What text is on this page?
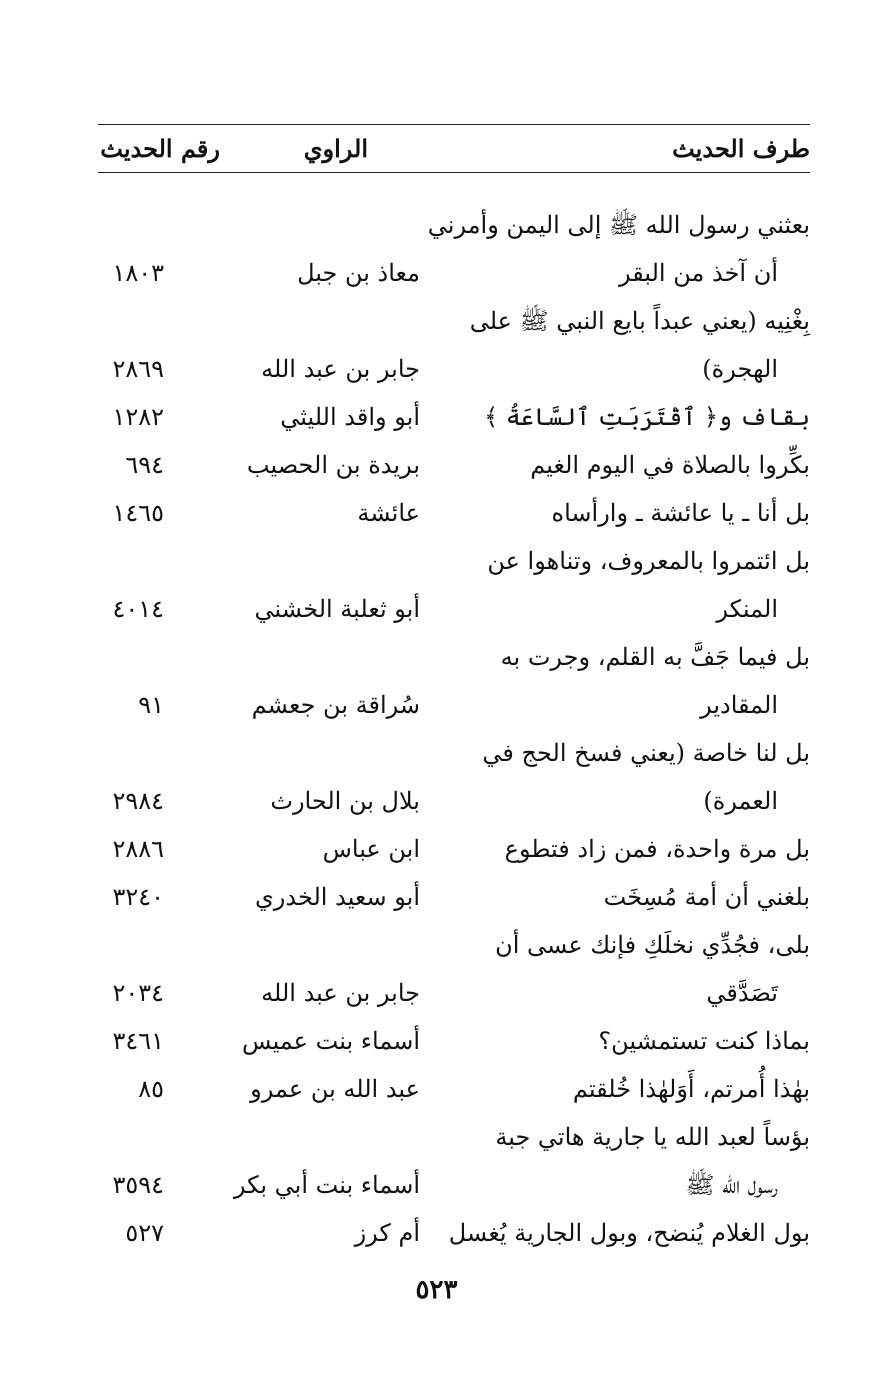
طرف الحديث
الراوي
رقم الحديث
بعثني رسول الله ﷺ إلى اليمن وأمرني
أن آخذ من البقر
معاذ بن جبل
١٨٠٣
بِغْنِيه (يعني عبداً بايع النبي ﷺ على
الهجرة)
جابر بن عبد الله
٢٨٦٩
بقاف و﴿ ٱقْتَرَبَتِ ٱلسَّاعَةُ ﴾
أبو واقد الليثي
١٢٨٢
بكِّروا بالصلاة في اليوم الغيم
بريدة بن الحصيب
٦٩٤
بل أنا ـ يا عائشة ـ وارأساه
عائشة
١٤٦٥
بل ائتمروا بالمعروف، وتناهوا عن
المنكر
أبو ثعلبة الخشني
٤٠١٤
بل فيما جَفَّ به القلم، وجرت به
المقادير
سُراقة بن جعشم
٩١
بل لنا خاصة (يعني فسخ الحج في
العمرة)
بلال بن الحارث
٢٩٨٤
بل مرة واحدة، فمن زاد فتطوع
ابن عباس
٢٨٨٦
بلغني أن أمة مُسِخَت
أبو سعيد الخدري
٣٢٤٠
بلى، فجُدِّي نخلَكِ فإنك عسى أن
تَصَدَّقي
جابر بن عبد الله
٢٠٣٤
بماذا كنت تستمشين؟
أسماء بنت عميس
٣٤٦١
بهٰذا أُمرتم، أَوَلهٰذا خُلقتم
عبد الله بن عمرو
٨٥
بؤساً لعبد الله يا جارية هاتي جبة
رسول الله ﷺ
أسماء بنت أبي بكر
٣٥٩٤
بول الغلام يُنضح، وبول الجارية يُغسل
أم كرز
٥٢٧
٥٢٣
